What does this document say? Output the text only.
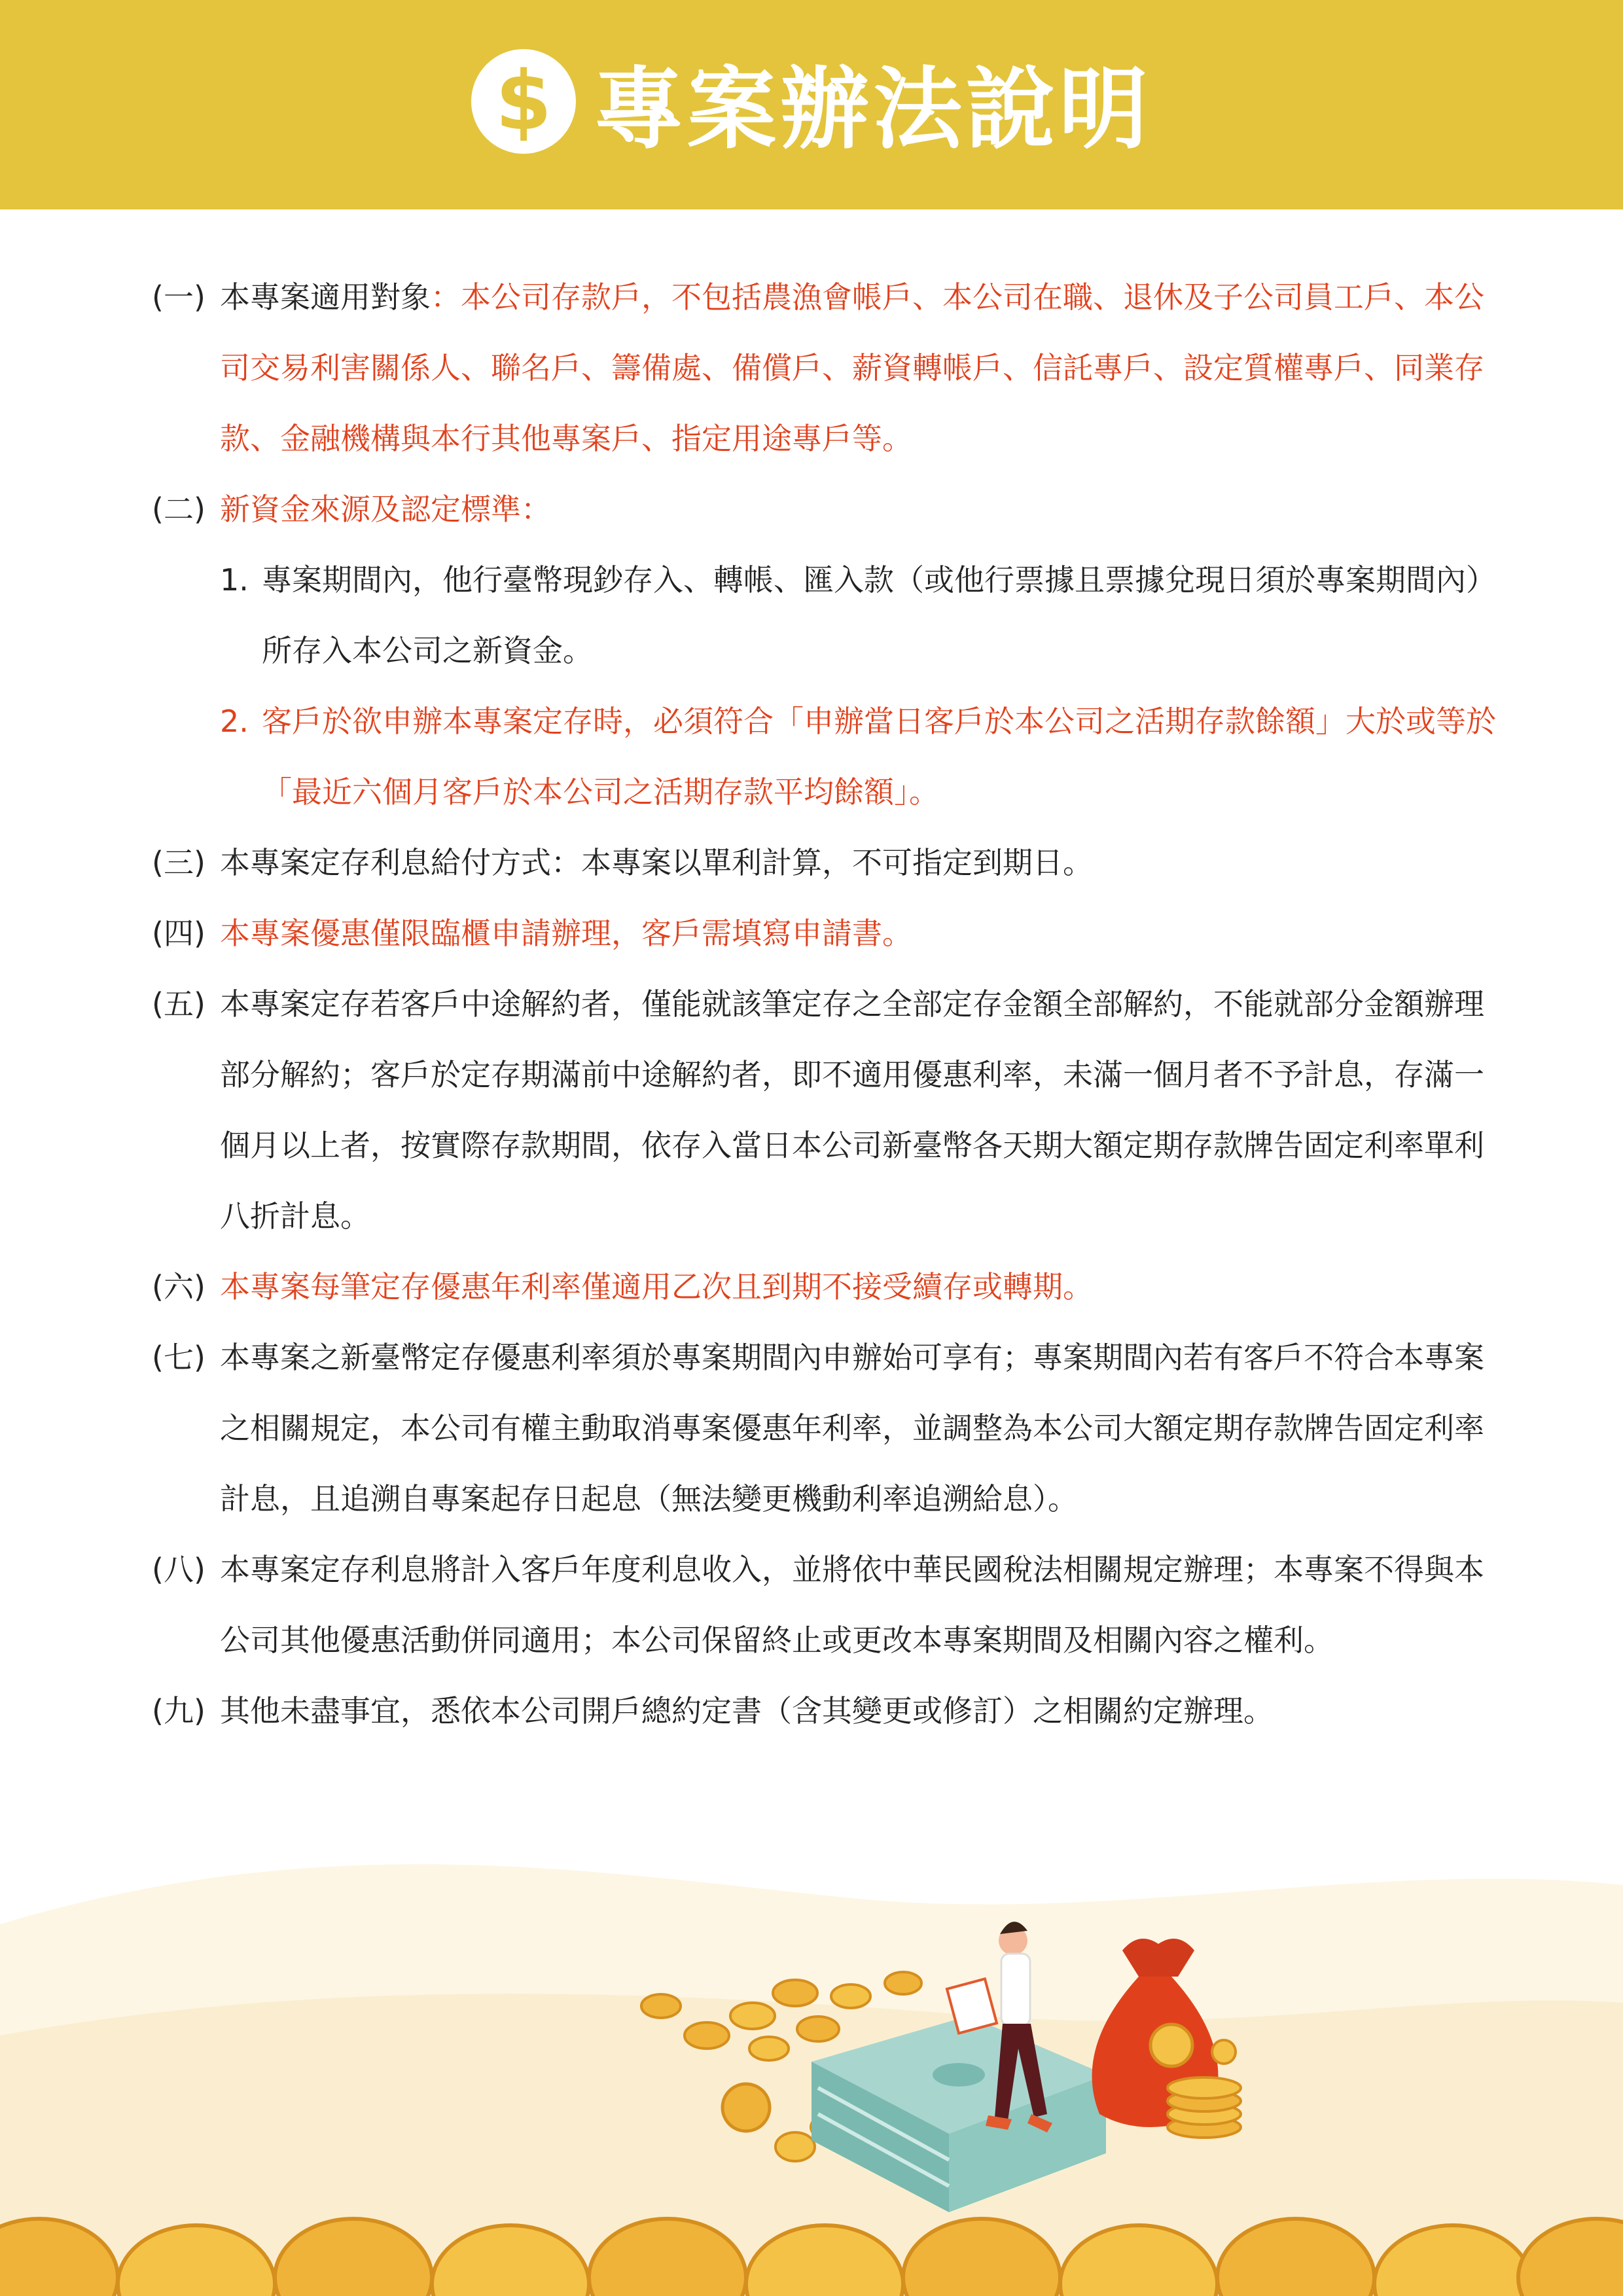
$ 專案辦法說明
(一) 本專案適用對象：本公司存款戶，不包括農漁會帳戶、本公司在職、退休及子公司員工戶、本公司交易利害關係人、聯名戶、籌備處、備償戶、薪資轉帳戶、信託專戶、設定質權專戶、同業存款、金融機構與本行其他專案戶、指定用途專戶等。
(二) 新資金來源及認定標準：
1. 專案期間內，他行臺幣現鈔存入、轉帳、匯入款（或他行票據且票據兌現日須於專案期間內）所存入本公司之新資金。
2. 客戶於欲申辦本專案定存時，必須符合「申辦當日客戶於本公司之活期存款餘額」大於或等於「最近六個月客戶於本公司之活期存款平均餘額」。
(三) 本專案定存利息給付方式：本專案以單利計算，不可指定到期日。
(四) 本專案優惠僅限臨櫃申請辦理，客戶需填寫申請書。
(五) 本專案定存若客戶中途解約者，僅能就該筆定存之全部定存金額全部解約，不能就部分金額辦理部分解約；客戶於定存期滿前中途解約者，即不適用優惠利率，未滿一個月者不予計息，存滿一個月以上者，按實際存款期間，依存入當日本公司新臺幣各天期大額定期存款牌告固定利率單利八折計息。
(六) 本專案每筆定存優惠年利率僅適用乙次且到期不接受續存或轉期。
(七) 本專案之新臺幣定存優惠利率須於專案期間內申辦始可享有；專案期間內若有客戶不符合本專案之相關規定，本公司有權主動取消專案優惠年利率，並調整為本公司大額定期存款牌告固定利率計息，且追溯自專案起存日起息（無法變更機動利率追溯給息）。
(八) 本專案定存利息將計入客戶年度利息收入，並將依中華民國稅法相關規定辦理；本專案不得與本公司其他優惠活動併同適用；本公司保留終止或更改本專案期間及相關內容之權利。
(九) 其他未盡事宜，悉依本公司開戶總約定書（含其變更或修訂）之相關約定辦理。
